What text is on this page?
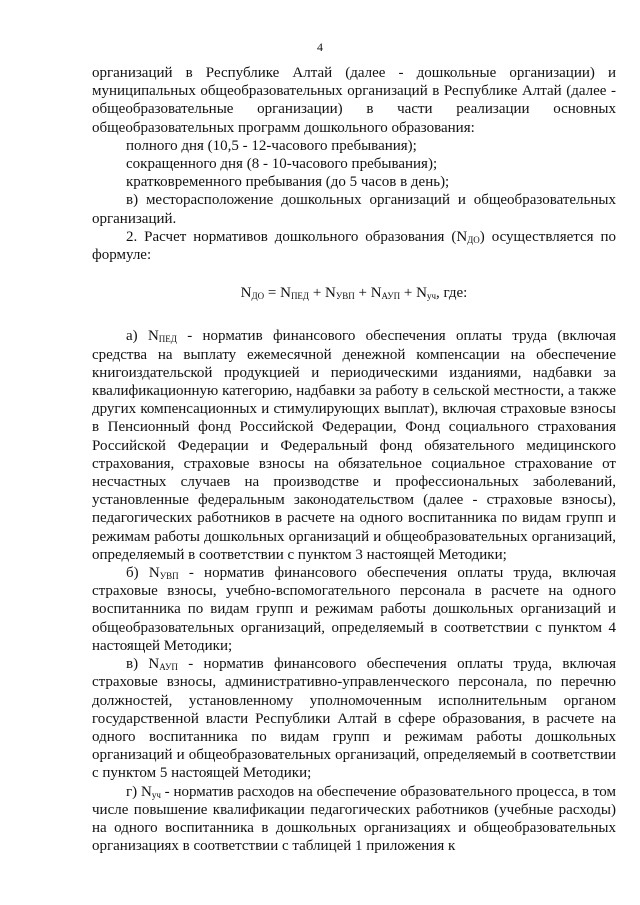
4

организаций в Республике Алтай (далее - дошкольные организации) и муниципальных общеобразовательных организаций в Республике Алтай (далее - общеобразовательные организации) в части реализации основных общеобразовательных программ дошкольного образования:

полного дня (10,5 - 12-часового пребывания);

сокращенного дня (8 - 10-часового пребывания);

кратковременного пребывания (до 5 часов в день);

в) месторасположение дошкольных организаций и общеобразовательных организаций.

2. Расчет нормативов дошкольного образования $(N_{ДО})$ осуществляется по формуле:

$N_{ДО} = N_{ПЕД} + N_{УВП} + N_{АУП} + N_{уч}$, где:

а) $N_{ПЕД}$ - норматив финансового обеспечения оплаты труда (включая средства на выплату ежемесячной денежной компенсации на обеспечение книгоиздательской продукцией и периодическими изданиями, надбавки за квалификационную категорию, надбавки за работу в сельской местности, а также других компенсационных и стимулирующих выплат), включая страховые взносы в Пенсионный фонд Российской Федерации, Фонд социального страхования Российской Федерации и Федеральный фонд обязательного медицинского страхования, страховые взносы на обязательное социальное страхование от несчастных случаев на производстве и профессиональных заболеваний, установленные федеральным законодательством (далее - страховые взносы), педагогических работников в расчете на одного воспитанника по видам групп и режимам работы дошкольных организаций и общеобразовательных организаций, определяемый в соответствии с пунктом 3 настоящей Методики;

б) $N_{УВП}$ - норматив финансового обеспечения оплаты труда, включая страховые взносы, учебно-вспомогательного персонала в расчете на одного воспитанника по видам групп и режимам работы дошкольных организаций и общеобразовательных организаций, определяемый в соответствии с пунктом 4 настоящей Методики;

в) $N_{АУП}$ - норматив финансового обеспечения оплаты труда, включая страховые взносы, административно-управленческого персонала, по перечню должностей, установленному уполномоченным исполнительным органом государственной власти Республики Алтай в сфере образования, в расчете на одного воспитанника по видам групп и режимам работы дошкольных организаций и общеобразовательных организаций, определяемый в соответствии с пунктом 5 настоящей Методики;

г) $N_{уч}$ - норматив расходов на обеспечение образовательного процесса, в том числе повышение квалификации педагогических работников (учебные расходы) на одного воспитанника в дошкольных организациях и общеобразовательных организациях в соответствии с таблицей 1 приложения к
